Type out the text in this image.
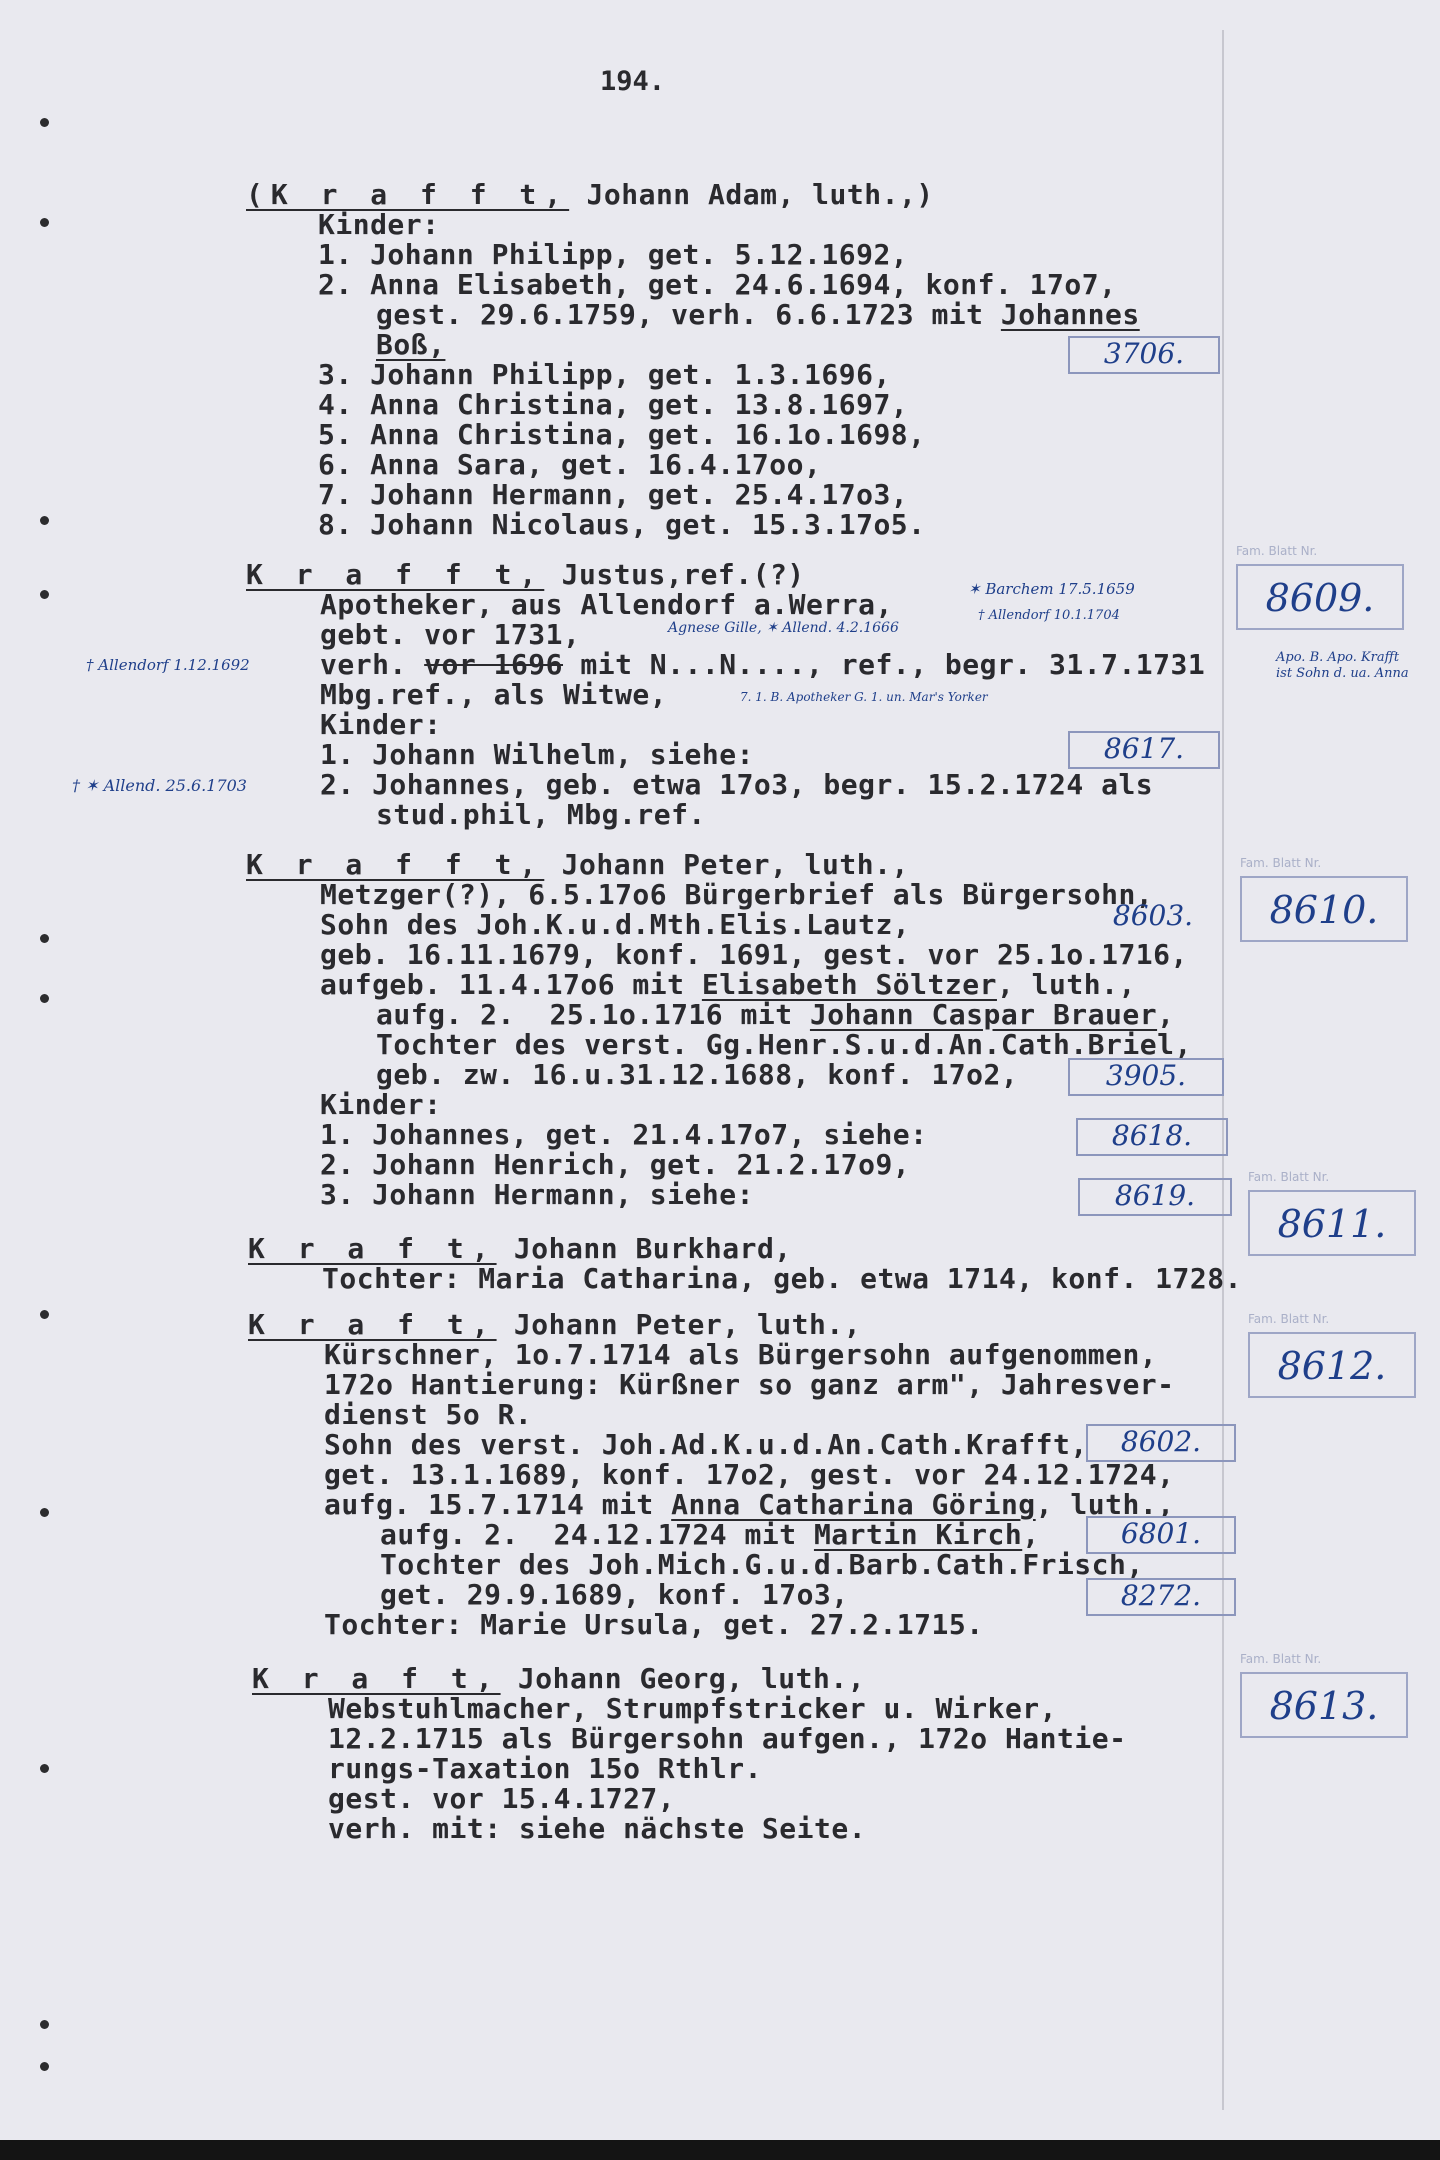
194.
(K r a f f t, Johann Adam, luth.,)
Kinder:
1. Johann Philipp, get. 5.12.1692,
2. Anna Elisabeth, get. 24.6.1694, konf. 17o7,
gest. 29.6.1759, verh. 6.6.1723 mit Johannes
Boß,
3. Johann Philipp, get. 1.3.1696,
4. Anna Christina, get. 13.8.1697,
5. Anna Christina, get. 16.1o.1698,
6. Anna Sara, get. 16.4.17oo,
7. Johann Hermann, get. 25.4.17o3,
8. Johann Nicolaus, get. 15.3.17o5.
K r a f f t, Justus,ref.(?)
Apotheker, aus Allendorf a.Werra,
gebt. vor 1731,
verh. vor 1696 mit N...N...., ref., begr. 31.7.1731
Mbg.ref., als Witwe,
Kinder:
1. Johann Wilhelm, siehe:
2. Johannes, geb. etwa 17o3, begr. 15.2.1724 als
stud.phil, Mbg.ref.
K r a f f t, Johann Peter, luth.,
Metzger(?), 6.5.17o6 Bürgerbrief als Bürgersohn,
Sohn des Joh.K.u.d.Mth.Elis.Lautz,
geb. 16.11.1679, konf. 1691, gest. vor 25.1o.1716,
aufgeb. 11.4.17o6 mit Elisabeth Söltzer, luth.,
aufg. 2.  25.1o.1716 mit Johann Caspar Brauer,
Tochter des verst. Gg.Henr.S.u.d.An.Cath.Briel,
geb. zw. 16.u.31.12.1688, konf. 17o2,
Kinder:
1. Johannes, get. 21.4.17o7, siehe:
2. Johann Henrich, get. 21.2.17o9,
3. Johann Hermann, siehe:
K r a f t, Johann Burkhard,
Tochter: Maria Catharina, geb. etwa 1714, konf. 1728.
K r a f t, Johann Peter, luth.,
Kürschner, 1o.7.1714 als Bürgersohn aufgenommen,
172o Hantierung: Kürßner so ganz arm", Jahresver-
dienst 5o R.
Sohn des verst. Joh.Ad.K.u.d.An.Cath.Krafft,
get. 13.1.1689, konf. 17o2, gest. vor 24.12.1724,
aufg. 15.7.1714 mit Anna Catharina Göring, luth.,
aufg. 2.  24.12.1724 mit Martin Kirch,
Tochter des Joh.Mich.G.u.d.Barb.Cath.Frisch,
get. 29.9.1689, konf. 17o3,
Tochter: Marie Ursula, get. 27.2.1715.
K r a f t, Johann Georg, luth.,
Webstuhlmacher, Strumpfstricker u. Wirker,
12.2.1715 als Bürgersohn aufgen., 172o Hantie-
rungs-Taxation 15o Rthlr.
gest. vor 15.4.1727,
verh. mit: siehe nächste Seite.
3706.
8617.
8603.
3905.
8618.
8619.
8602.
6801.
8272.
Fam. Blatt Nr.
8609.
Fam. Blatt Nr.
8610.
Fam. Blatt Nr.
8611.
Fam. Blatt Nr.
8612.
Fam. Blatt Nr.
8613.
✶ Barchem 17.5.1659
† Allendorf 10.1.1704
Agnese Gille, ✶ Allend. 4.2.1666
† Allendorf 1.12.1692
7. 1. B. Apotheker G. 1. un. Mar's Yorker
Apo. B. Apo. Krafft ist Sohn d. ua. Anna
† ✶ Allend. 25.6.1703
